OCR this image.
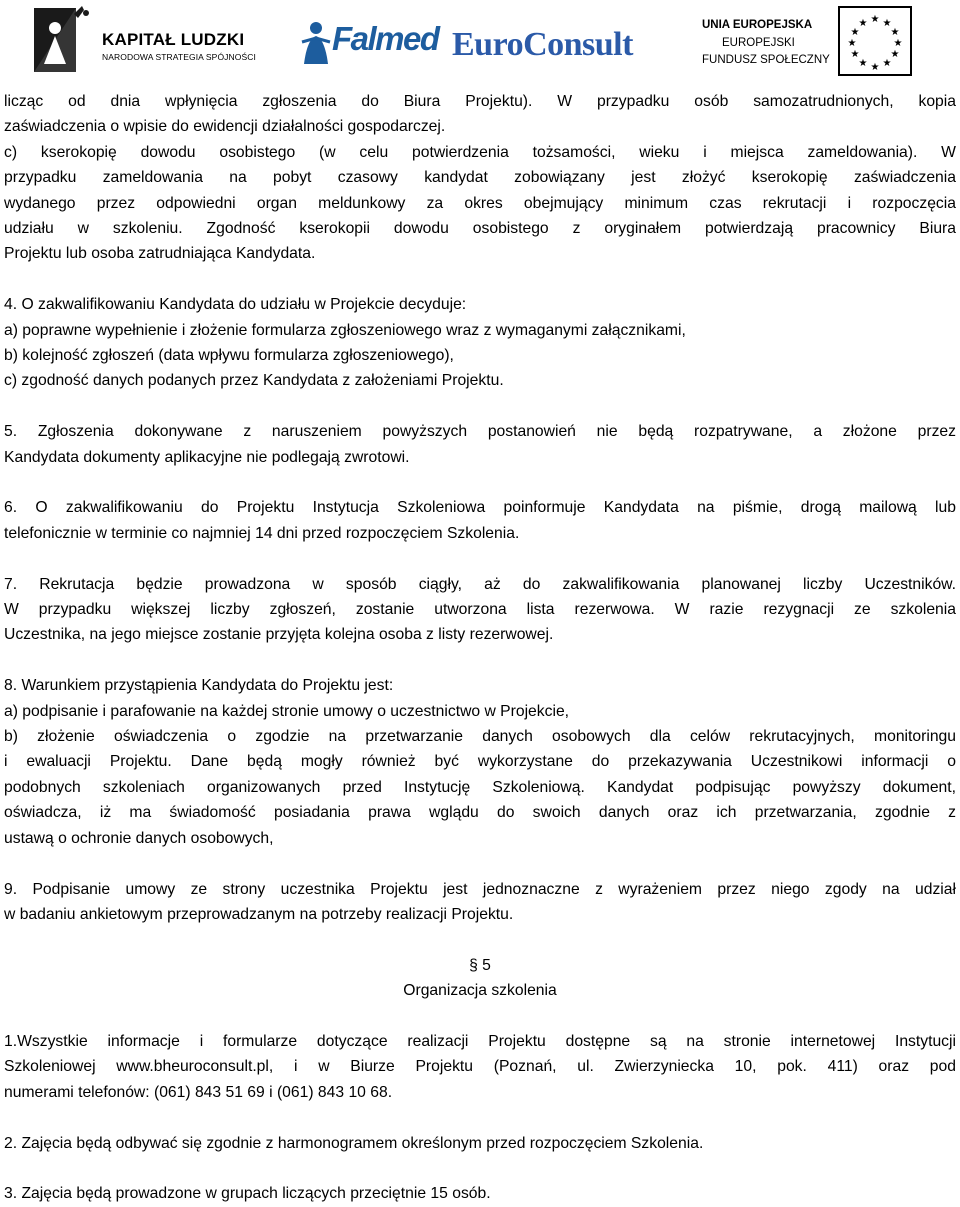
KAPITAŁ LUDZKI
NARODOWA STRATEGIA SPÓJNOŚCI Falmed EuroConsult
UNIA EUROPEJSKA
EUROPEJSKI
FUNDUSZ SPOŁECZNY
★ ★
★
★
★
★
★
★
★
★
★
★
licząc od dnia wpłynięcia zgłoszenia do Biura Projektu). W przypadku osób samozatrudnionych, kopia
zaświadczenia o wpisie do ewidencji działalności gospodarczej.
c) kserokopię dowodu osobistego (w celu potwierdzenia tożsamości, wieku i miejsca zameldowania). W
przypadku zameldowania na pobyt czasowy kandydat zobowiązany jest złożyć kserokopię zaświadczenia
wydanego przez odpowiedni organ meldunkowy za okres obejmujący minimum czas rekrutacji i rozpoczęcia
udziału w szkoleniu. Zgodność kserokopii dowodu osobistego z oryginałem potwierdzają pracownicy Biura
Projektu lub osoba zatrudniająca Kandydata.
4. O zakwalifikowaniu Kandydata do udziału w Projekcie decyduje:
a) poprawne wypełnienie i złożenie formularza zgłoszeniowego wraz z wymaganymi załącznikami,
b) kolejność zgłoszeń (data wpływu formularza zgłoszeniowego),
c) zgodność danych podanych przez Kandydata z założeniami Projektu.
5. Zgłoszenia dokonywane z naruszeniem powyższych postanowień nie będą rozpatrywane, a złożone przez
Kandydata dokumenty aplikacyjne nie podlegają zwrotowi.
6. O zakwalifikowaniu do Projektu Instytucja Szkoleniowa poinformuje Kandydata na piśmie, drogą mailową lub
telefonicznie w terminie co najmniej 14 dni przed rozpoczęciem Szkolenia.
7. Rekrutacja będzie prowadzona w sposób ciągły, aż do zakwalifikowania planowanej liczby Uczestników.
W przypadku większej liczby zgłoszeń, zostanie utworzona lista rezerwowa. W razie rezygnacji ze szkolenia
Uczestnika, na jego miejsce zostanie przyjęta kolejna osoba z listy rezerwowej.
8. Warunkiem przystąpienia Kandydata do Projektu jest:
a) podpisanie i parafowanie na każdej stronie umowy o uczestnictwo w Projekcie,
b) złożenie oświadczenia o zgodzie na przetwarzanie danych osobowych dla celów rekrutacyjnych, monitoringu
i ewaluacji Projektu. Dane będą mogły również być wykorzystane do przekazywania Uczestnikowi informacji o
podobnych szkoleniach organizowanych przed Instytucję Szkoleniową. Kandydat podpisując powyższy dokument,
oświadcza, iż ma świadomość posiadania prawa wglądu do swoich danych oraz ich przetwarzania, zgodnie z
ustawą o ochronie danych osobowych,
9. Podpisanie umowy ze strony uczestnika Projektu jest jednoznaczne z wyrażeniem przez niego zgody na udział
w badaniu ankietowym przeprowadzanym na potrzeby realizacji Projektu.
§ 5
Organizacja szkolenia
1.Wszystkie informacje i formularze dotyczące realizacji Projektu dostępne są na stronie internetowej Instytucji
Szkoleniowej www.bheuroconsult.pl, i w Biurze Projektu (Poznań, ul. Zwierzyniecka 10, pok. 411) oraz pod
numerami telefonów: (061) 843 51 69 i (061) 843 10 68.
2. Zajęcia będą odbywać się zgodnie z harmonogramem określonym przed rozpoczęciem Szkolenia.
3. Zajęcia będą prowadzone w grupach liczących przeciętnie 15 osób.
